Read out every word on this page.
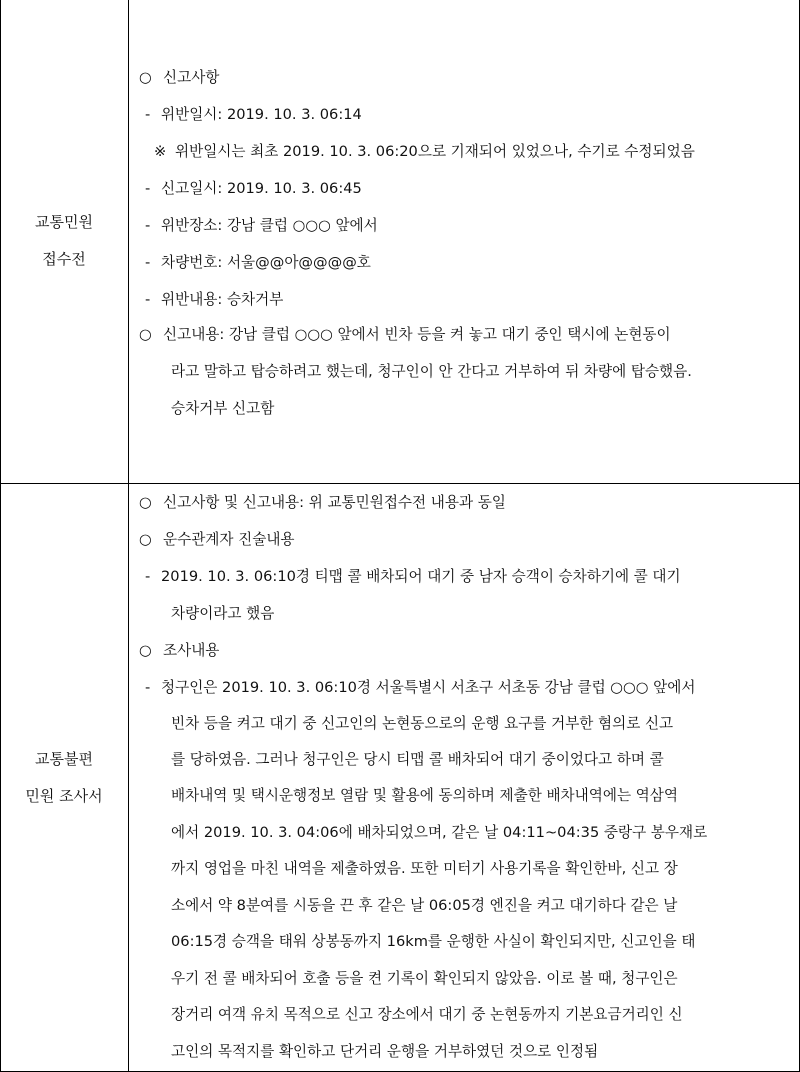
교통민원
접수전
○ 신고사항
- 위반일시: 2019. 10. 3. 06:14
※ 위반일시는 최초 2019. 10. 3. 06:20으로 기재되어 있었으나, 수기로 수정되었음
- 신고일시: 2019. 10. 3. 06:45
- 위반장소: 강남 클럽 ○○○ 앞에서
- 차량번호: 서울@@아@@@@호
- 위반내용: 승차거부
○ 신고내용: 강남 클럽 ○○○ 앞에서 빈차 등을 켜 놓고 대기 중인 택시에 논현동이
라고 말하고 탑승하려고 했는데, 청구인이 안 간다고 거부하여 뒤 차량에 탑승했음.
승차거부 신고함
교통불편
민원 조사서
○ 신고사항 및 신고내용: 위 교통민원접수전 내용과 동일
○ 운수관계자 진술내용
- 2019. 10. 3. 06:10경 티맵 콜 배차되어 대기 중 남자 승객이 승차하기에 콜 대기
차량이라고 했음
○ 조사내용
- 청구인은 2019. 10. 3. 06:10경 서울특별시 서초구 서초동 강남 클럽 ○○○ 앞에서
빈차 등을 켜고 대기 중 신고인의 논현동으로의 운행 요구를 거부한 혐의로 신고
를 당하였음. 그러나 청구인은 당시 티맵 콜 배차되어 대기 중이었다고 하며 콜
배차내역 및 택시운행정보 열람 및 활용에 동의하며 제출한 배차내역에는 역삼역
에서 2019. 10. 3. 04:06에 배차되었으며, 같은 날 04:11~04:35 중랑구 봉우재로
까지 영업을 마친 내역을 제출하였음. 또한 미터기 사용기록을 확인한바, 신고 장
소에서 약 8분여를 시동을 끈 후 같은 날 06:05경 엔진을 켜고 대기하다 같은 날
06:15경 승객을 태워 상봉동까지 16km를 운행한 사실이 확인되지만, 신고인을 태
우기 전 콜 배차되어 호출 등을 켠 기록이 확인되지 않았음. 이로 볼 때, 청구인은
장거리 여객 유치 목적으로 신고 장소에서 대기 중 논현동까지 기본요금거리인 신
고인의 목적지를 확인하고 단거리 운행을 거부하였던 것으로 인정됨
